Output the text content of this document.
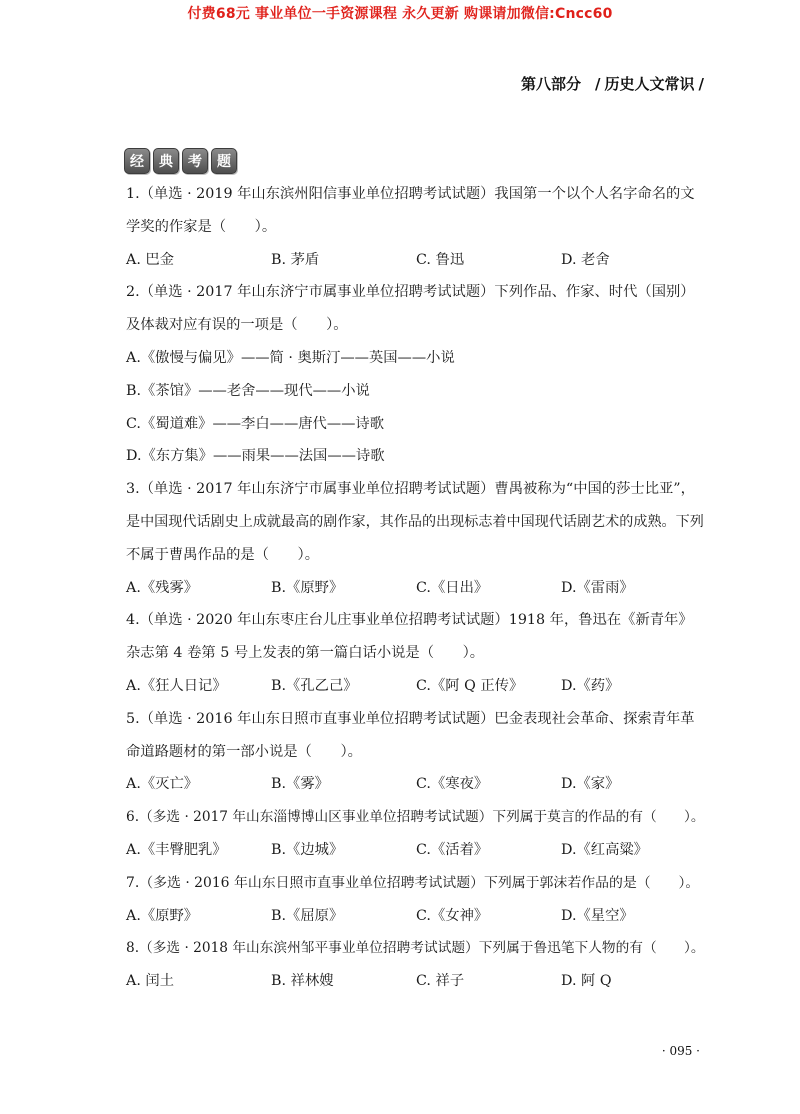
付费68元 事业单位一手资源课程 永久更新 购课请加微信:Cncc60
第八部分 / 历史人文常识 /
经	典	考	题
1.（单选 · 2019 年山东滨州阳信事业单位招聘考试试题）我国第一个以个人名字命名的文
学奖的作家是（　　）。
A. 巴金	B. 茅盾	C. 鲁迅	D. 老舍
2.（单选 · 2017 年山东济宁市属事业单位招聘考试试题）下列作品、作家、时代（国别）
及体裁对应有误的一项是（　　）。
A.《傲慢与偏见》——简 · 奥斯汀——英国——小说
B.《茶馆》——老舍——现代——小说
C.《蜀道难》——李白——唐代——诗歌
D.《东方集》——雨果——法国——诗歌
3.（单选 · 2017 年山东济宁市属事业单位招聘考试试题）曹禺被称为“中国的莎士比亚”，
是中国现代话剧史上成就最高的剧作家，其作品的出现标志着中国现代话剧艺术的成熟。下列
不属于曹禺作品的是（　　）。
A.《残雾》	B.《原野》	C.《日出》	D.《雷雨》
4.（单选 · 2020 年山东枣庄台儿庄事业单位招聘考试试题）1918 年，鲁迅在《新青年》
杂志第 4 卷第 5 号上发表的第一篇白话小说是（　　）。
A.《狂人日记》	B.《孔乙己》	C.《阿 Q 正传》	D.《药》
5.（单选 · 2016 年山东日照市直事业单位招聘考试试题）巴金表现社会革命、探索青年革
命道路题材的第一部小说是（　　）。
A.《灭亡》	B.《雾》	C.《寒夜》	D.《家》
6.（多选 · 2017 年山东淄博博山区事业单位招聘考试试题）下列属于莫言的作品的有（　　）。
A.《丰臀肥乳》	B.《边城》	C.《活着》	D.《红高粱》
7.（多选 · 2016 年山东日照市直事业单位招聘考试试题）下列属于郭沫若作品的是（　　）。
A.《原野》	B.《屈原》	C.《女神》	D.《星空》
8.（多选 · 2018 年山东滨州邹平事业单位招聘考试试题）下列属于鲁迅笔下人物的有（　　）。
A. 闰土	B. 祥林嫂	C. 祥子	D. 阿 Q
· 095 ·
